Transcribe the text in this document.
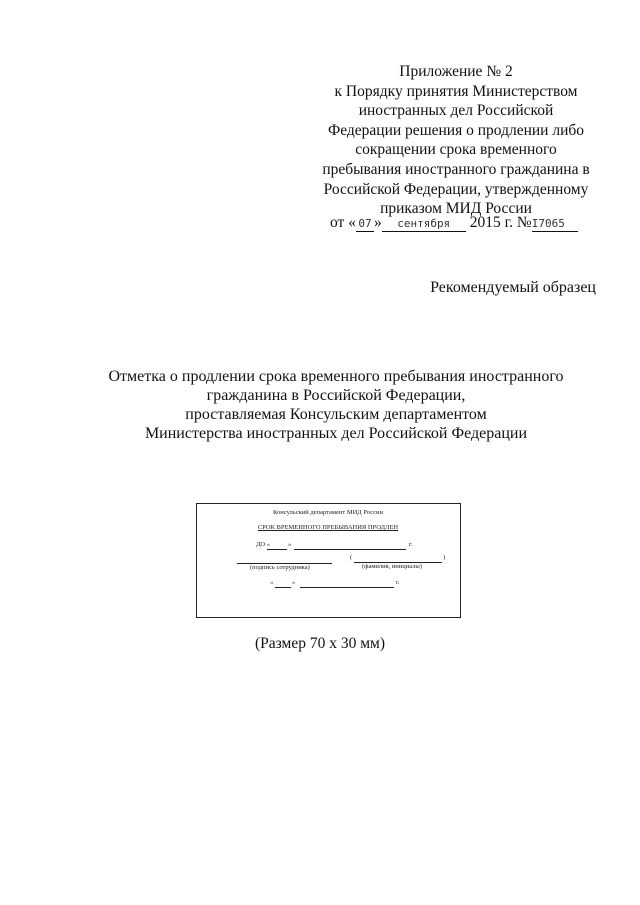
Приложение № 2
к Порядку принятия Министерством
иностранных дел Российской
Федерации решения о продлении либо
сокращении срока временного
пребывания иностранного гражданина в
Российской Федерации, утвержденному
приказом МИД России
от « 07 » сентября 2015 г. №I7065
Рекомендуемый образец
Отметка о продлении срока временного пребывания иностранного
гражданина в Российской Федерации,
проставляемая Консульским департаментом
Министерства иностранных дел Российской Федерации
Консульский департамент МИД России
СРОК ВРЕМЕННОГО ПРЕБЫВАНИЯ ПРОДЛЕН
ДО «	»	г.
(	)
(подпись сотрудника)	(фамилия, инициалы)
«	»	г.
(Размер 70 х 30 мм)
